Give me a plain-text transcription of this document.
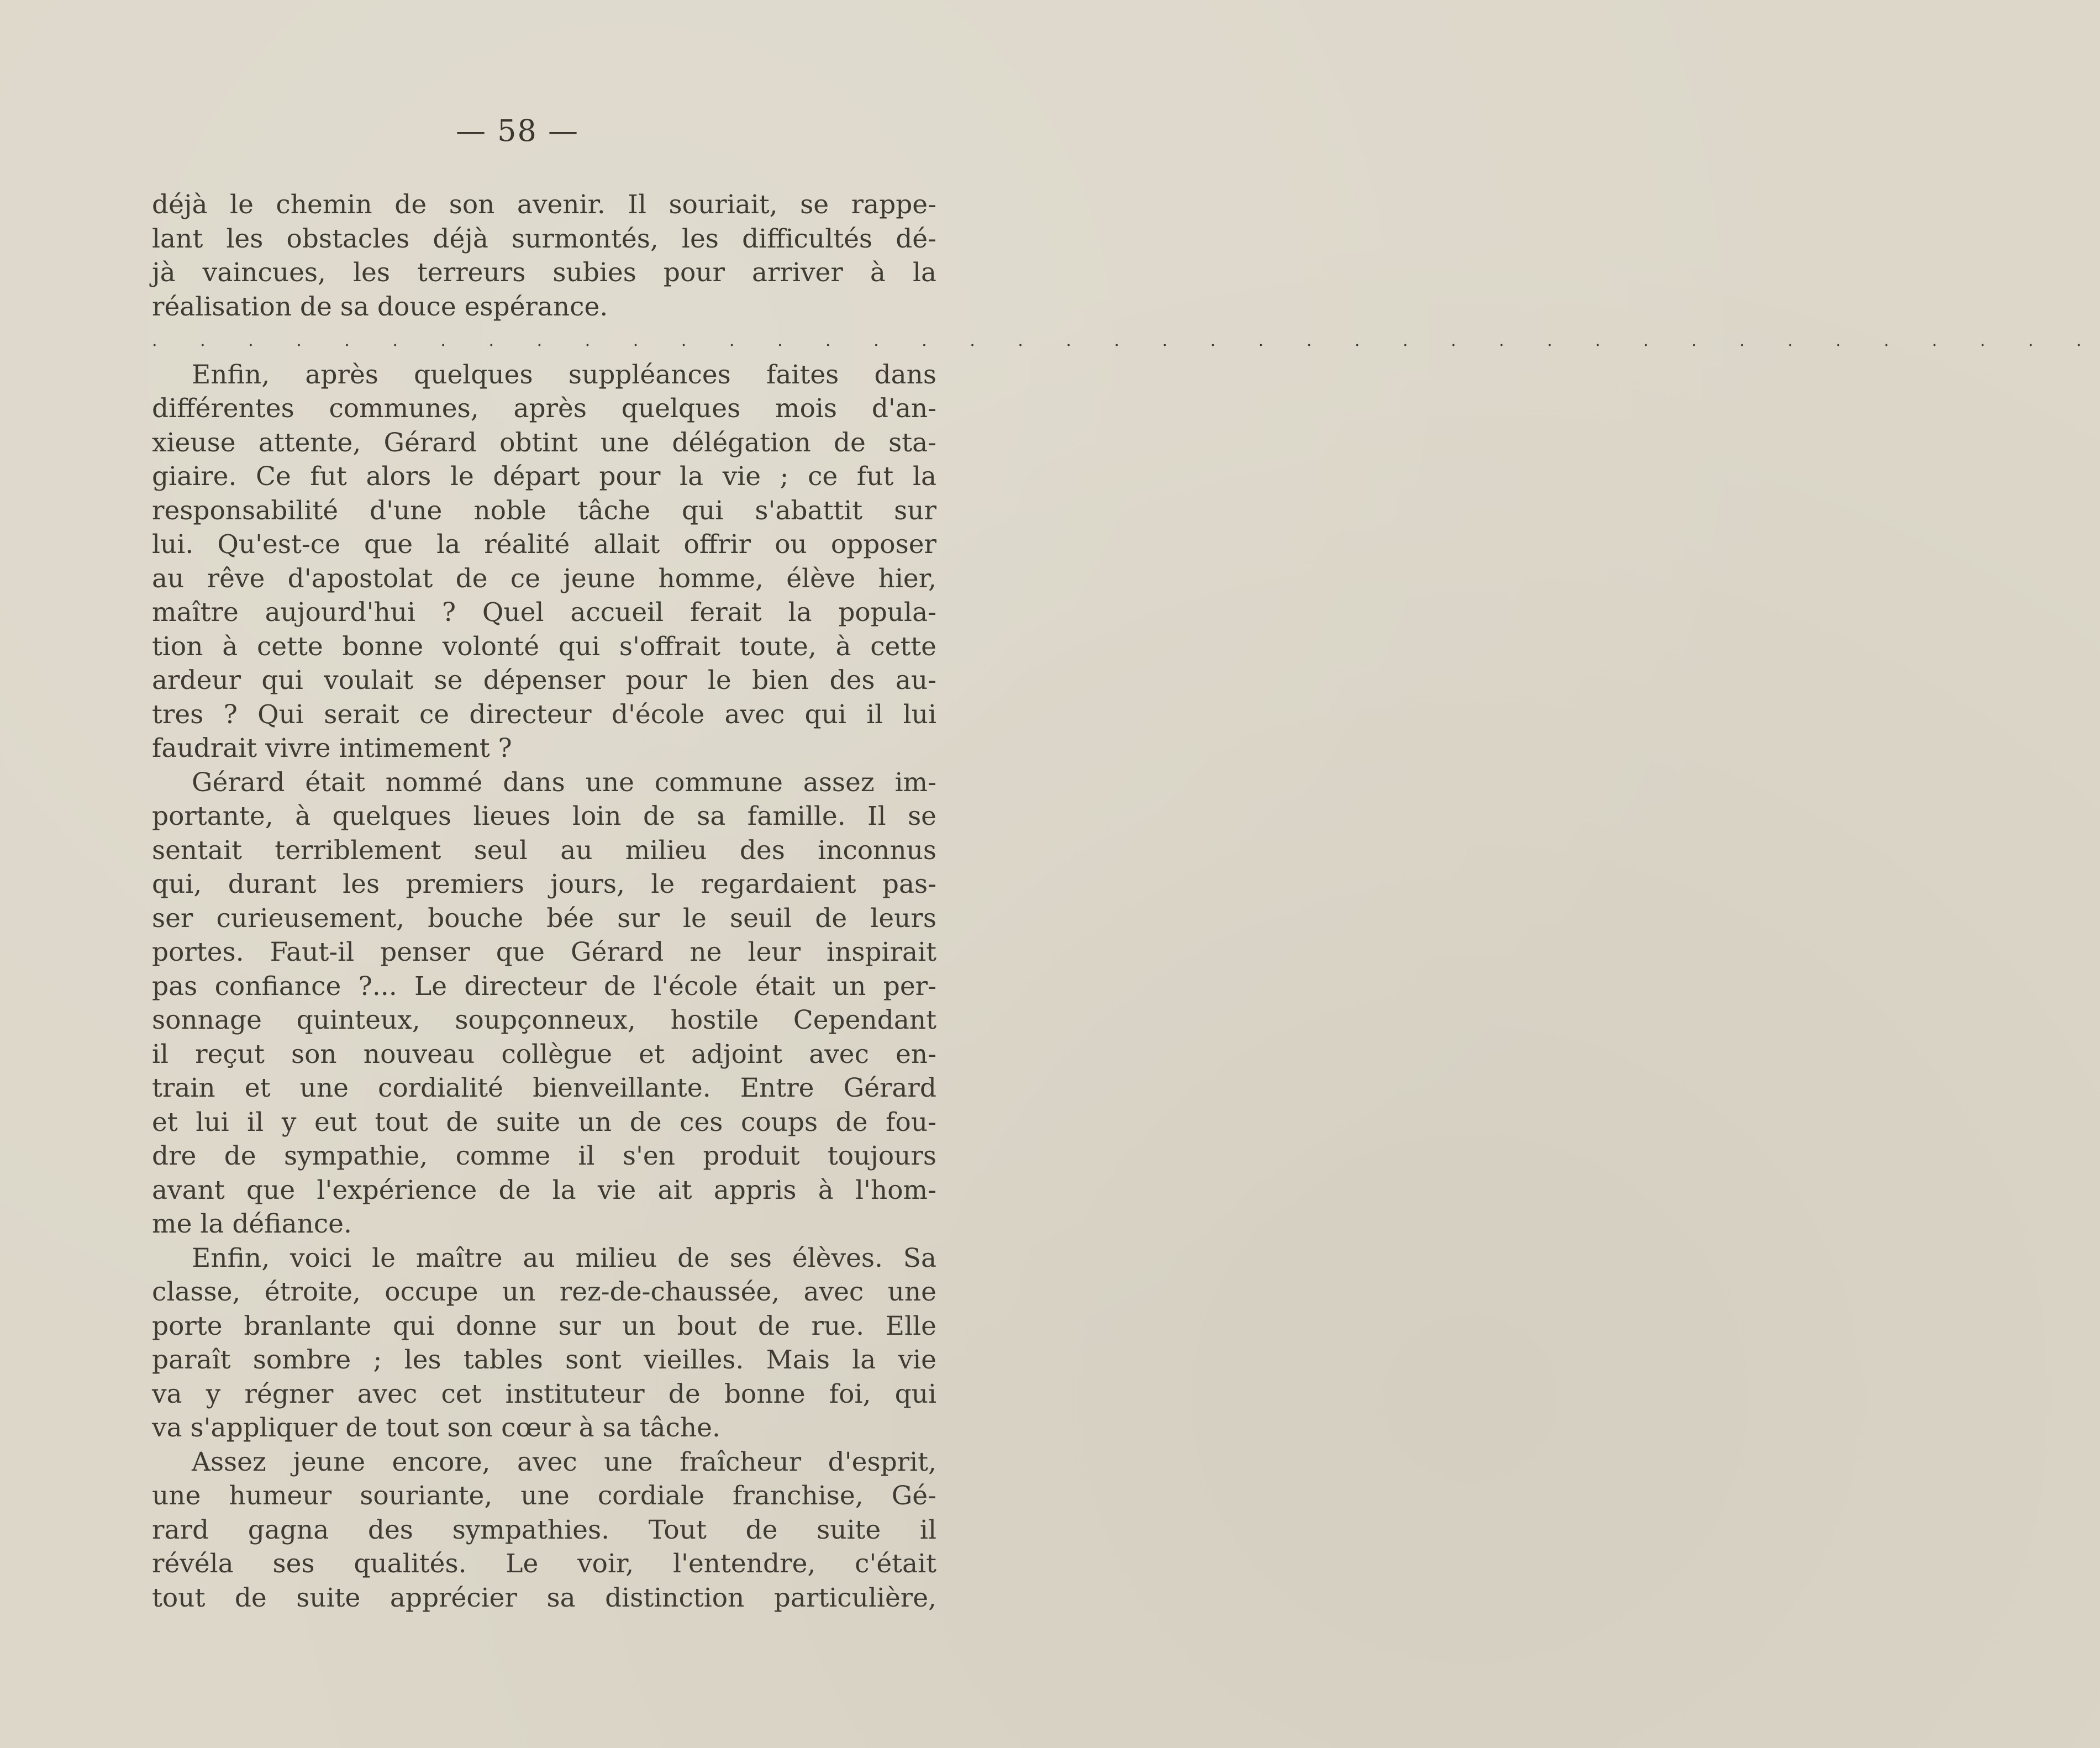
— 58 —
déjà le chemin de son avenir. Il souriait, se rappe-
lant les obstacles déjà surmontés, les difficultés dé-
jà vaincues, les terreurs subies pour arriver à la
réalisation de sa douce espérance.
. . . . . . . . . . . . . . . . . . . . . . . . . . . . . . . . . . . . . . . . .
Enfin, après quelques suppléances faites dans
différentes communes, après quelques mois d'an-
xieuse attente, Gérard obtint une délégation de sta-
giaire. Ce fut alors le départ pour la vie ; ce fut la
responsabilité d'une noble tâche qui s'abattit sur
lui. Qu'est-ce que la réalité allait offrir ou opposer
au rêve d'apostolat de ce jeune homme, élève hier,
maître aujourd'hui ? Quel accueil ferait la popula-
tion à cette bonne volonté qui s'offrait toute, à cette
ardeur qui voulait se dépenser pour le bien des au-
tres ? Qui serait ce directeur d'école avec qui il lui
faudrait vivre intimement ?
Gérard était nommé dans une commune assez im-
portante, à quelques lieues loin de sa famille. Il se
sentait terriblement seul au milieu des inconnus
qui, durant les premiers jours, le regardaient pas-
ser curieusement, bouche bée sur le seuil de leurs
portes. Faut-il penser que Gérard ne leur inspirait
pas confiance ?... Le directeur de l'école était un per-
sonnage quinteux, soupçonneux, hostile Cependant
il reçut son nouveau collègue et adjoint avec en-
train et une cordialité bienveillante. Entre Gérard
et lui il y eut tout de suite un de ces coups de fou-
dre de sympathie, comme il s'en produit toujours
avant que l'expérience de la vie ait appris à l'hom-
me la défiance.
Enfin, voici le maître au milieu de ses élèves. Sa
classe, étroite, occupe un rez-de-chaussée, avec une
porte branlante qui donne sur un bout de rue. Elle
paraît sombre ; les tables sont vieilles. Mais la vie
va y régner avec cet instituteur de bonne foi, qui
va s'appliquer de tout son cœur à sa tâche.
Assez jeune encore, avec une fraîcheur d'esprit,
une humeur souriante, une cordiale franchise, Gé-
rard gagna des sympathies. Tout de suite il
révéla ses qualités. Le voir, l'entendre, c'était
tout de suite apprécier sa distinction particulière,
